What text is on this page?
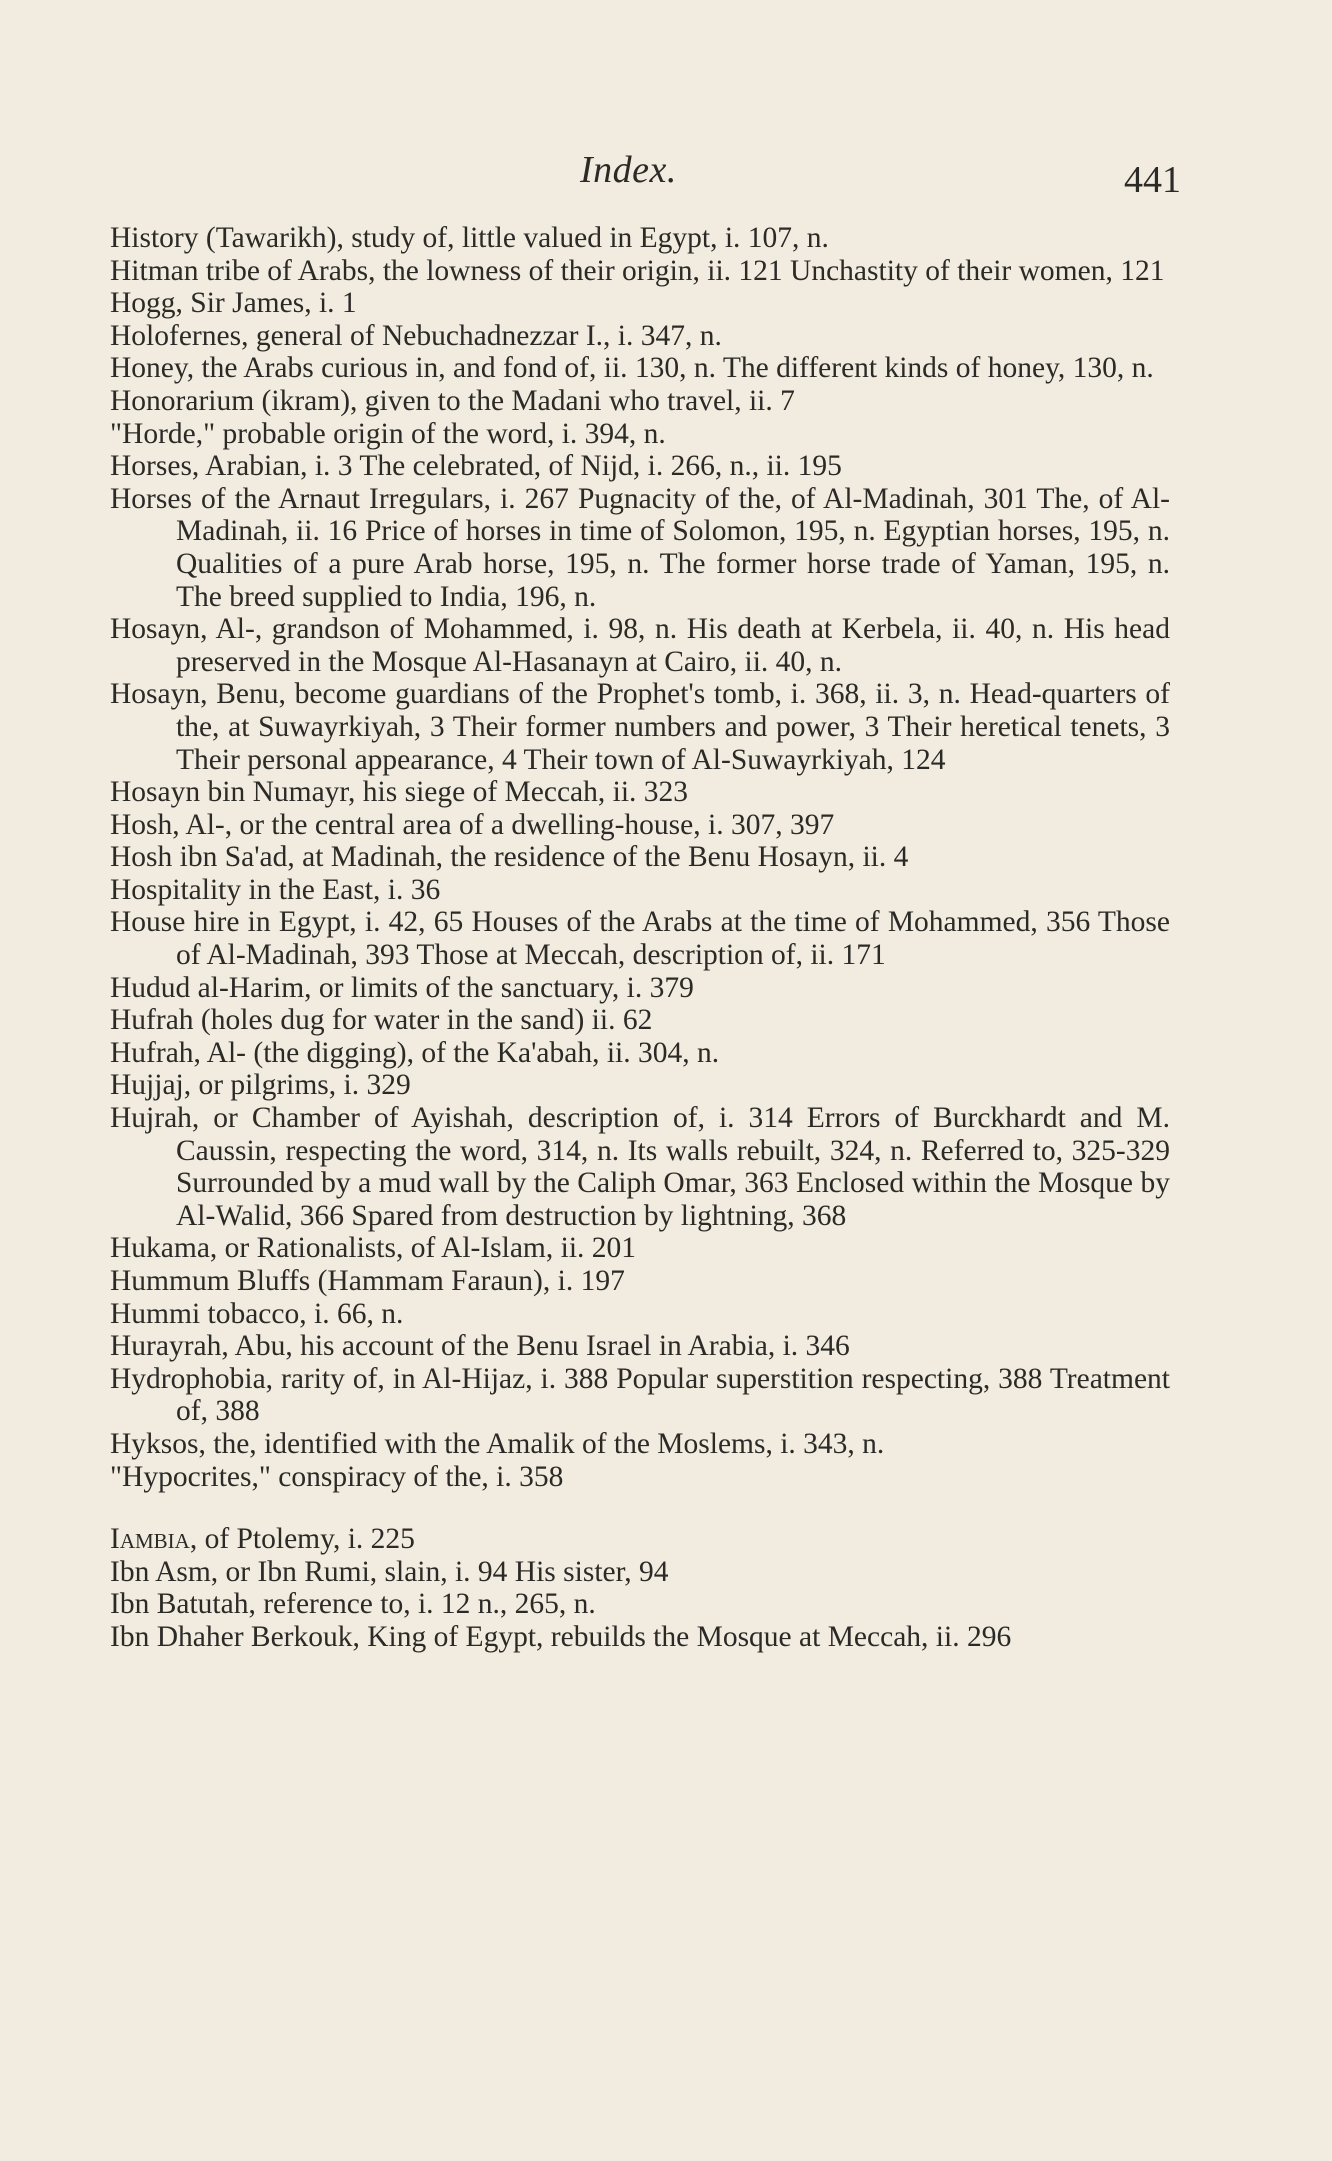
Index.	441

History (Tawarikh), study of, little valued in Egypt, i. 107, n.

Hitman tribe of Arabs, the lowness of their origin, ii. 121 Unchastity of their women, 121

Hogg, Sir James, i. 1

Holofernes, general of Nebuchadnezzar I., i. 347, n.

Honey, the Arabs curious in, and fond of, ii. 130, n. The different kinds of honey, 130, n.

Honorarium (ikram), given to the Madani who travel, ii. 7

"Horde," probable origin of the word, i. 394, n.

Horses, Arabian, i. 3 The celebrated, of Nijd, i. 266, n., ii. 195

Horses of the Arnaut Irregulars, i. 267 Pugnacity of the, of Al-Madinah, 301 The, of Al-Madinah, ii. 16 Price of horses in time of Solomon, 195, n. Egyptian horses, 195, n. Qualities of a pure Arab horse, 195, n. The former horse trade of Yaman, 195, n. The breed supplied to India, 196, n.

Hosayn, Al-, grandson of Mohammed, i. 98, n. His death at Kerbela, ii. 40, n. His head preserved in the Mosque Al-Hasanayn at Cairo, ii. 40, n.

Hosayn, Benu, become guardians of the Prophet's tomb, i. 368, ii. 3, n. Head-quarters of the, at Suwayrkiyah, 3 Their former numbers and power, 3 Their heretical tenets, 3 Their personal appearance, 4 Their town of Al-Suwayrkiyah, 124

Hosayn bin Numayr, his siege of Meccah, ii. 323

Hosh, Al-, or the central area of a dwelling-house, i. 307, 397

Hosh ibn Sa'ad, at Madinah, the residence of the Benu Hosayn, ii. 4

Hospitality in the East, i. 36

House hire in Egypt, i. 42, 65 Houses of the Arabs at the time of Mohammed, 356 Those of Al-Madinah, 393 Those at Meccah, description of, ii. 171

Hudud al-Harim, or limits of the sanctuary, i. 379

Hufrah (holes dug for water in the sand) ii. 62

Hufrah, Al- (the digging), of the Ka'abah, ii. 304, n.

Hujjaj, or pilgrims, i. 329

Hujrah, or Chamber of Ayishah, description of, i. 314 Errors of Burckhardt and M. Caussin, respecting the word, 314, n. Its walls rebuilt, 324, n. Referred to, 325-329 Surrounded by a mud wall by the Caliph Omar, 363 Enclosed within the Mosque by Al-Walid, 366 Spared from destruction by lightning, 368

Hukama, or Rationalists, of Al-Islam, ii. 201

Hummum Bluffs (Hammam Faraun), i. 197

Hummi tobacco, i. 66, n.

Hurayrah, Abu, his account of the Benu Israel in Arabia, i. 346

Hydrophobia, rarity of, in Al-Hijaz, i. 388 Popular superstition respecting, 388 Treatment of, 388

Hyksos, the, identified with the Amalik of the Moslems, i. 343, n.

"Hypocrites," conspiracy of the, i. 358

Iambia, of Ptolemy, i. 225

Ibn Asm, or Ibn Rumi, slain, i. 94 His sister, 94

Ibn Batutah, reference to, i. 12 n., 265, n.

Ibn Dhaher Berkouk, King of Egypt, rebuilds the Mosque at Meccah, ii. 296
